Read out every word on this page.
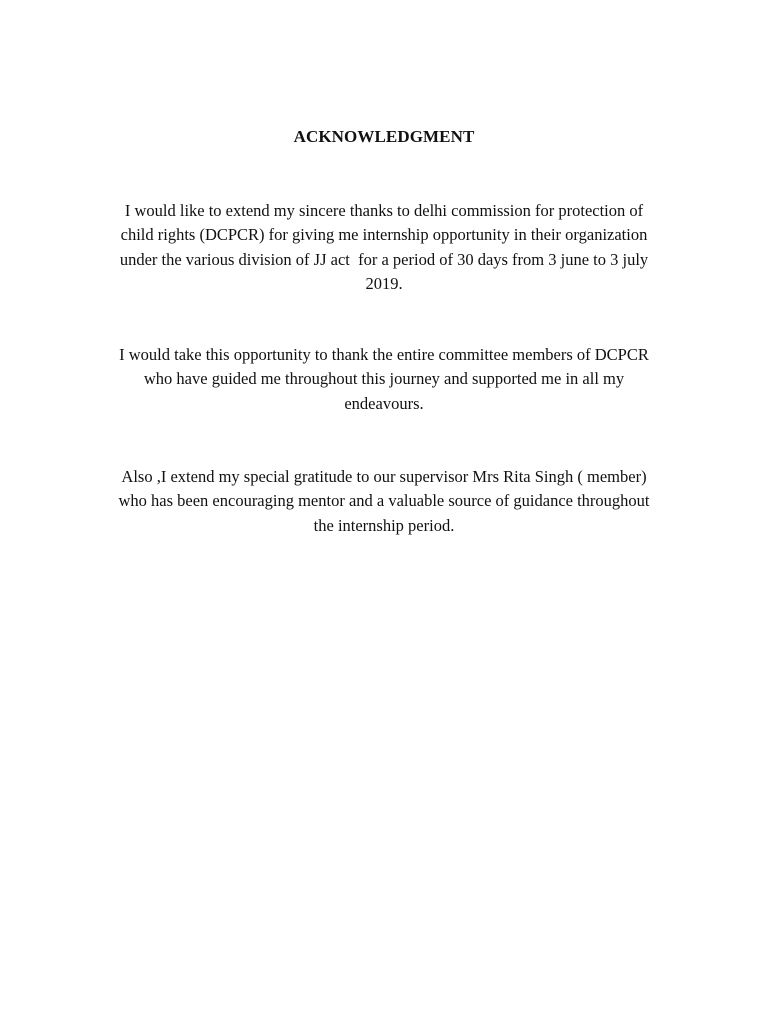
ACKNOWLEDGMENT

I would like to extend my sincere thanks to delhi commission for protection of
child rights (DCPCR) for giving me internship opportunity in their organization
under the various division of JJ act  for a period of 30 days from 3 june to 3 july
2019.

I would take this opportunity to thank the entire committee members of DCPCR
who have guided me throughout this journey and supported me in all my
endeavours.

Also ,I extend my special gratitude to our supervisor Mrs Rita Singh ( member)
who has been encouraging mentor and a valuable source of guidance throughout
the internship period.
